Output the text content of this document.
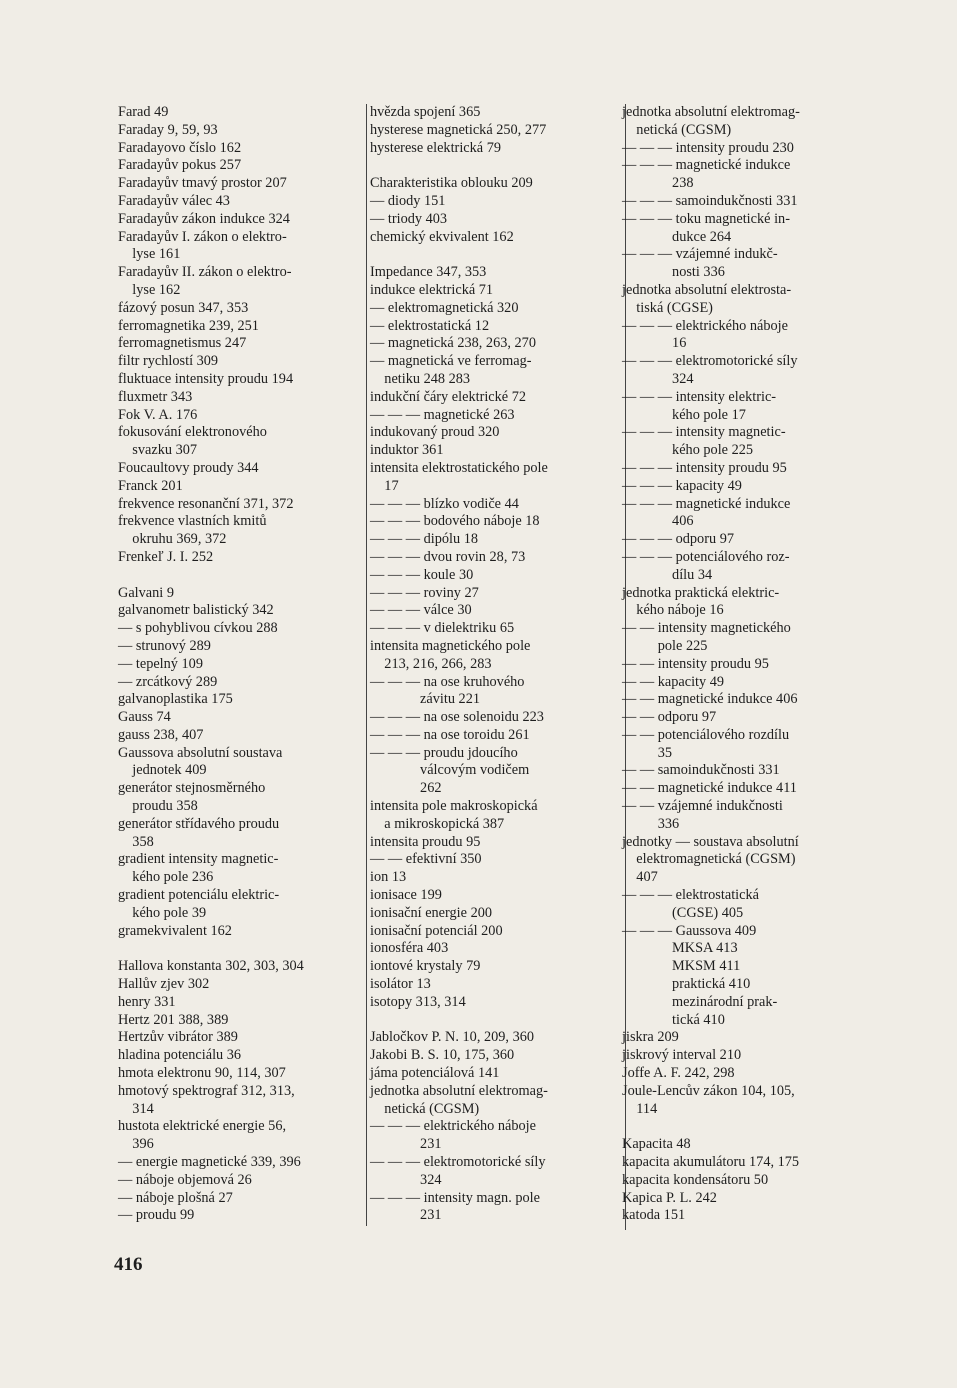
Farad 49
Faraday 9, 59, 93
Faradayovo číslo 162
Faradayův pokus 257
Faradayův tmavý prostor 207
Faradayův válec 43
Faradayův zákon indukce 324
Faradayův I. zákon o elektro-
lyse 161
Faradayův II. zákon o elektro-
lyse 162
fázový posun 347, 353
ferromagnetika 239, 251
ferromagnetismus 247
filtr rychlostí 309
fluktuace intensity proudu 194
fluxmetr 343
Fok V. A. 176
fokusování elektronového
svazku 307
Foucaultovy proudy 344
Franck 201
frekvence resonanční 371, 372
frekvence vlastních kmitů
okruhu 369, 372
Frenkeľ J. I. 252
Galvani 9
galvanometr balistický 342
— s pohyblivou cívkou 288
— strunový 289
— tepelný 109
— zrcátkový 289
galvanoplastika 175
Gauss 74
gauss 238, 407
Gaussova absolutní soustava
jednotek 409
generátor stejnosměrného
proudu 358
generátor střídavého proudu
358
gradient intensity magnetic-
kého pole 236
gradient potenciálu elektric-
kého pole 39
gramekvivalent 162
Hallova konstanta 302, 303, 304
Hallův zjev 302
henry 331
Hertz 201 388, 389
Hertzův vibrátor 389
hladina potenciálu 36
hmota elektronu 90, 114, 307
hmotový spektrograf 312, 313,
314
hustota elektrické energie 56,
396
— energie magnetické 339, 396
— náboje objemová 26
— náboje plošná 27
— proudu 99
hvězda spojení 365
hysterese magnetická 250, 277
hysterese elektrická 79
Charakteristika oblouku 209
— diody 151
— triody 403
chemický ekvivalent 162
Impedance 347, 353
indukce elektrická 71
— elektromagnetická 320
— elektrostatická 12
— magnetická 238, 263, 270
— magnetická ve ferromag-
netiku 248 283
indukční čáry elektrické 72
— — — magnetické 263
indukovaný proud 320
induktor 361
intensita elektrostatického pole
17
— — — blízko vodiče 44
— — — bodového náboje 18
— — — dipólu 18
— — — dvou rovin 28, 73
— — — koule 30
— — — roviny 27
— — — válce 30
— — — v dielektriku 65
intensita magnetického pole
213, 216, 266, 283
— — — na ose kruhového
závitu 221
— — — na ose solenoidu 223
— — — na ose toroidu 261
— — — proudu jdoucího
válcovým vodičem
262
intensita pole makroskopická
a mikroskopická 387
intensita proudu 95
— — efektivní 350
ion 13
ionisace 199
ionisační energie 200
ionisační potenciál 200
ionosféra 403
iontové krystaly 79
isolátor 13
isotopy 313, 314
Jabločkov P. N. 10, 209, 360
Jakobi B. S. 10, 175, 360
jáma potenciálová 141
jednotka absolutní elektromag-
netická (CGSM)
— — — elektrického náboje
231
— — — elektromotorické síly
324
— — — intensity magn. pole
231
jednotka absolutní elektromag-
netická (CGSM)
— — — intensity proudu 230
— — — magnetické indukce
238
— — — samoindukčnosti 331
— — — toku magnetické in-
dukce 264
— — — vzájemné indukč-
nosti 336
jednotka absolutní elektrosta-
tiská (CGSE)
— — — elektrického náboje
16
— — — elektromotorické síly
324
— — — intensity elektric-
kého pole 17
— — — intensity magnetic-
kého pole 225
— — — intensity proudu 95
— — — kapacity 49
— — — magnetické indukce
406
— — — odporu 97
— — — potenciálového roz-
dílu 34
jednotka praktická elektric-
kého náboje 16
— — intensity magnetického
pole 225
— — intensity proudu 95
— — kapacity 49
— — magnetické indukce 406
— — odporu 97
— — potenciálového rozdílu
35
— — samoindukčnosti 331
— — magnetické indukce 411
— — vzájemné indukčnosti
336
jednotky — soustava absolutní
elektromagnetická (CGSM)
407
— — — elektrostatická
(CGSE) 405
— — — Gaussova 409
MKSA 413
MKSM 411
praktická 410
mezinárodní prak-
tická 410
jiskra 209
jiskrový interval 210
Joffe A. F. 242, 298
Joule-Lencův zákon 104, 105,
114
Kapacita 48
kapacita akumulátoru 174, 175
kapacita kondensátoru 50
Kapica P. L. 242
katoda 151
416
